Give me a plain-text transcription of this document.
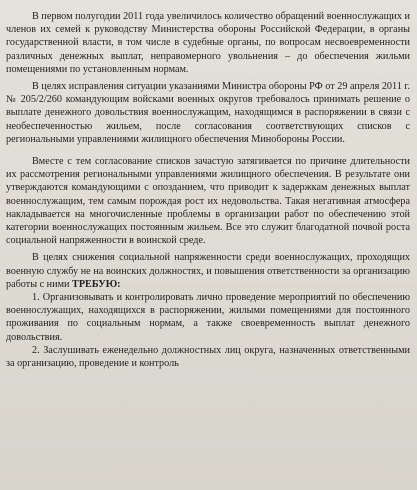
В первом полугодии 2011 года увеличилось количество обращений военнослужащих и членов их семей к руководству Министерства обороны Российской Федерации, в органы государственной власти, в том числе в судебные органы, по вопросам несвоевременности различных денежных выплат, неправомерного увольнения – до обеспечения жильми помещениями по установленным нормам.

В целях исправления ситуации указаниями Министра обороны РФ от 29 апреля 2011 г. № 205/2/260 командующим войсками военных округов требовалось принимать решение о выплате денежного довольствия военнослужащим, находящимся в распоряжении в связи с необеспеченностью жильем, после согласования соответствующих списков с региональными управлениями жилищного обеспечения Минобороны России.

Вместе с тем согласование списков зачастую затягивается по причине длительности их рассмотрения региональными управлениями жилищного обеспечения. В результате они утверждаются командующими с опозданием, что приводит к задержкам денежных выплат военнослужащим, тем самым порождая рост их недовольства. Такая негативная атмосфера накладывается на многочисленные проблемы в организации работ по обеспечению этой категории военнослужащих постоянным жильем. Все это служит благодатной почвой роста социальной напряженности в воинской среде.

В целях снижения социальной напряженности среди военнослужащих, проходящих военную службу не на воинских должностях, и повышения ответственности за организацию работы с ними ТРЕБУЮ:

1. Организовывать и контролировать лично проведение мероприятий по обеспечению военнослужащих, находящихся в распоряжении, жилыми помещениями для постоянного проживания по социальным нормам, а также своевременность выплат денежного довольствия.

2. Заслушивать еженедельно должностных лиц округа, назначенных ответственными за организацию, проведение и контроль
